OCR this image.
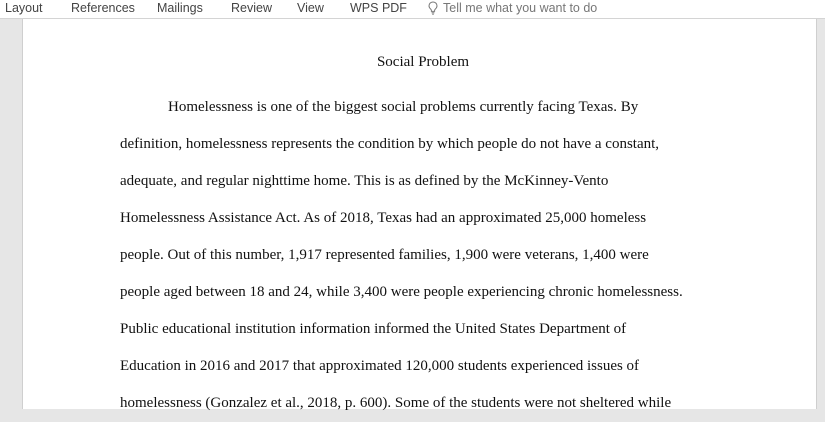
Layout References Mailings Review View WPS PDF	Tell me what you want to do

Social Problem

Homelessness is one of the biggest social problems currently facing Texas. By

definition, homelessness represents the condition by which people do not have a constant,

adequate, and regular nighttime home. This is as defined by the McKinney-Vento

Homelessness Assistance Act. As of 2018, Texas had an approximated 25,000 homeless

people. Out of this number, 1,917 represented families, 1,900 were veterans, 1,400 were

people aged between 18 and 24, while 3,400 were people experiencing chronic homelessness.

Public educational institution information informed the United States Department of

Education in 2016 and 2017 that approximated 120,000 students experienced issues of

homelessness (Gonzalez et al., 2018, p. 600). Some of the students were not sheltered while
